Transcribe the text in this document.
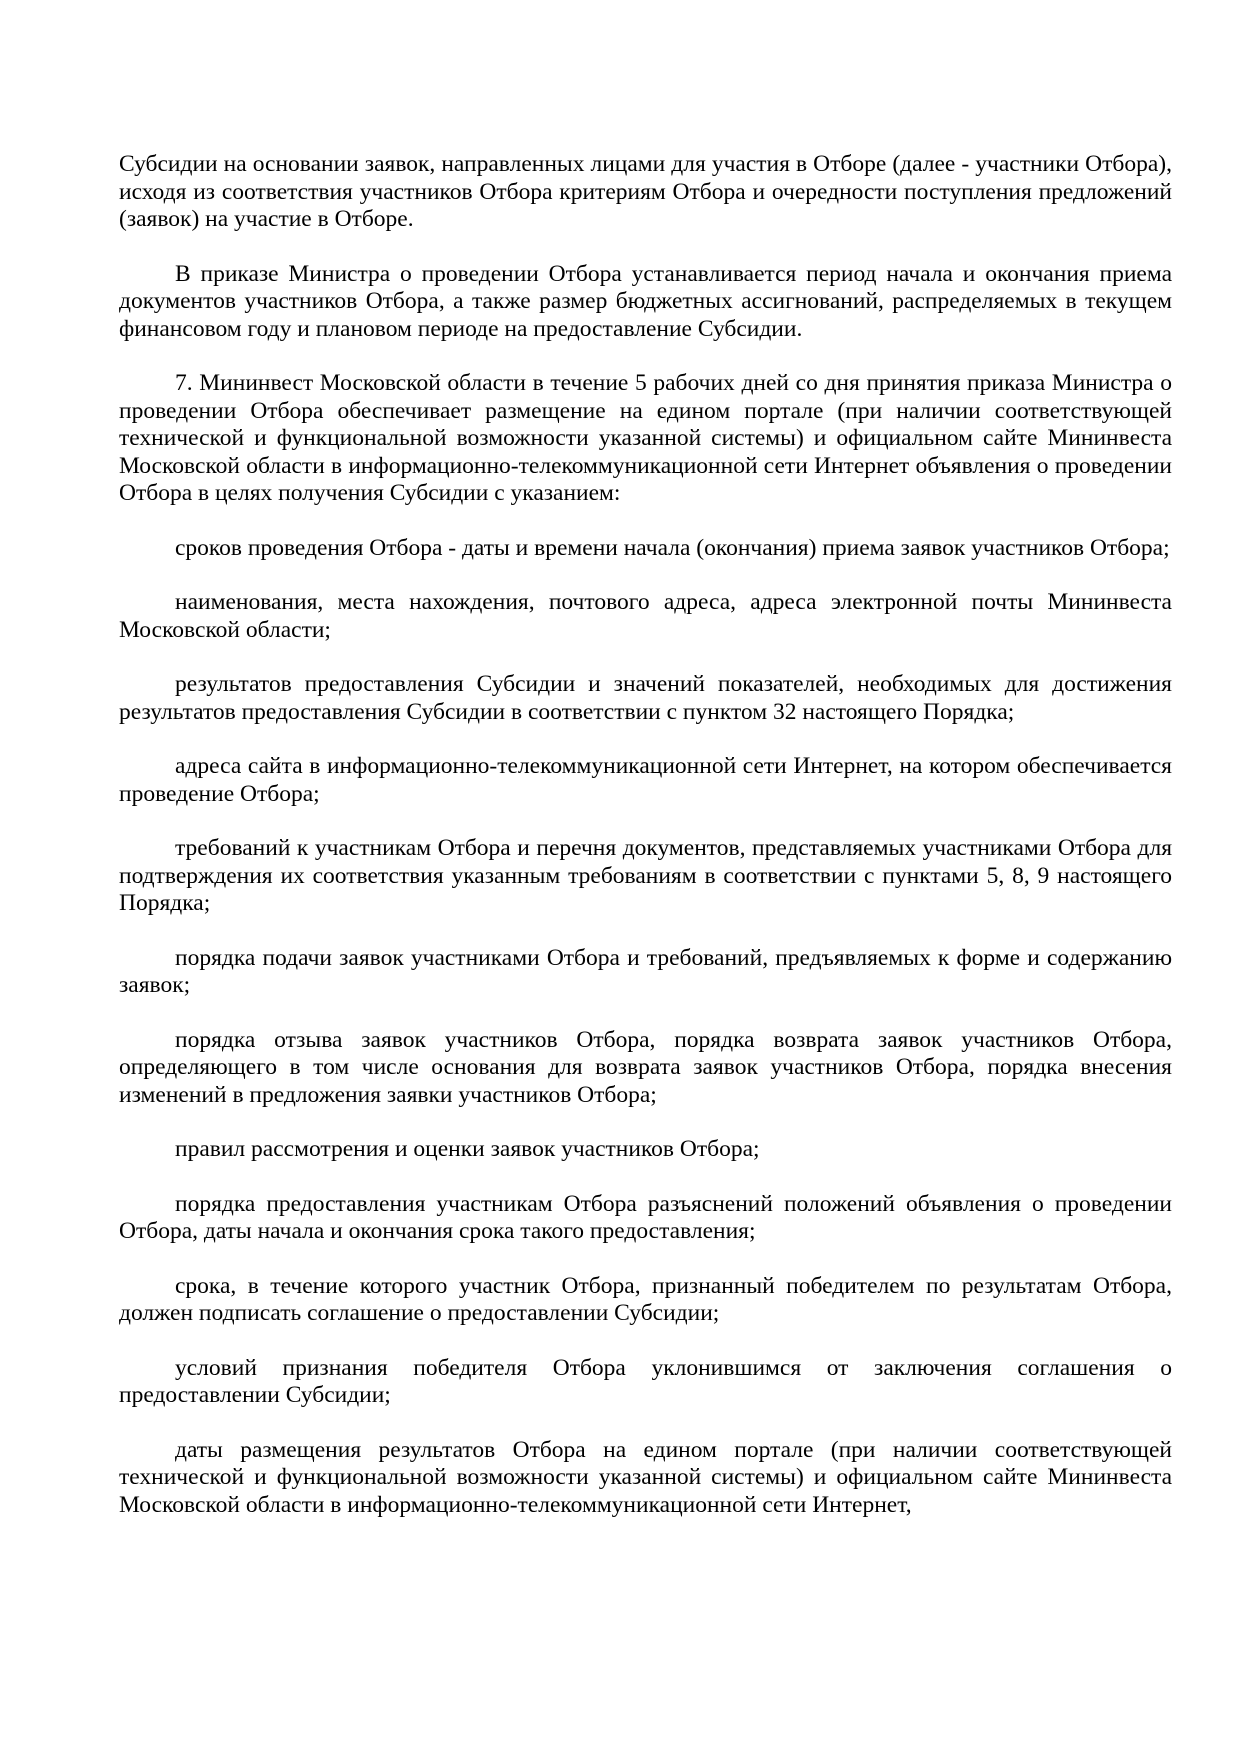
Субсидии на основании заявок, направленных лицами для участия в Отборе (далее - участники Отбора), исходя из соответствия участников Отбора критериям Отбора и очередности поступления предложений (заявок) на участие в Отборе.

В приказе Министра о проведении Отбора устанавливается период начала и окончания приема документов участников Отбора, а также размер бюджетных ассигнований, распределяемых в текущем финансовом году и плановом периоде на предоставление Субсидии.

7. Мининвест Московской области в течение 5 рабочих дней со дня принятия приказа Министра о проведении Отбора обеспечивает размещение на едином портале (при наличии соответствующей технической и функциональной возможности указанной системы) и официальном сайте Мининвеста Московской области в информационно-телекоммуникационной сети Интернет объявления о проведении Отбора в целях получения Субсидии с указанием:

сроков проведения Отбора - даты и времени начала (окончания) приема заявок участников Отбора;

наименования, места нахождения, почтового адреса, адреса электронной почты Мининвеста Московской области;

результатов предоставления Субсидии и значений показателей, необходимых для достижения результатов предоставления Субсидии в соответствии с пунктом 32 настоящего Порядка;

адреса сайта в информационно-телекоммуникационной сети Интернет, на котором обеспечивается проведение Отбора;

требований к участникам Отбора и перечня документов, представляемых участниками Отбора для подтверждения их соответствия указанным требованиям в соответствии с пунктами 5, 8, 9 настоящего Порядка;

порядка подачи заявок участниками Отбора и требований, предъявляемых к форме и содержанию заявок;

порядка отзыва заявок участников Отбора, порядка возврата заявок участников Отбора, определяющего в том числе основания для возврата заявок участников Отбора, порядка внесения изменений в предложения заявки участников Отбора;

правил рассмотрения и оценки заявок участников Отбора;

порядка предоставления участникам Отбора разъяснений положений объявления о проведении Отбора, даты начала и окончания срока такого предоставления;

срока, в течение которого участник Отбора, признанный победителем по результатам Отбора, должен подписать соглашение о предоставлении Субсидии;

условий признания победителя Отбора уклонившимся от заключения соглашения о предоставлении Субсидии;

даты размещения результатов Отбора на едином портале (при наличии соответствующей технической и функциональной возможности указанной системы) и официальном сайте Мининвеста Московской области в информационно-телекоммуникационной сети Интернет,
